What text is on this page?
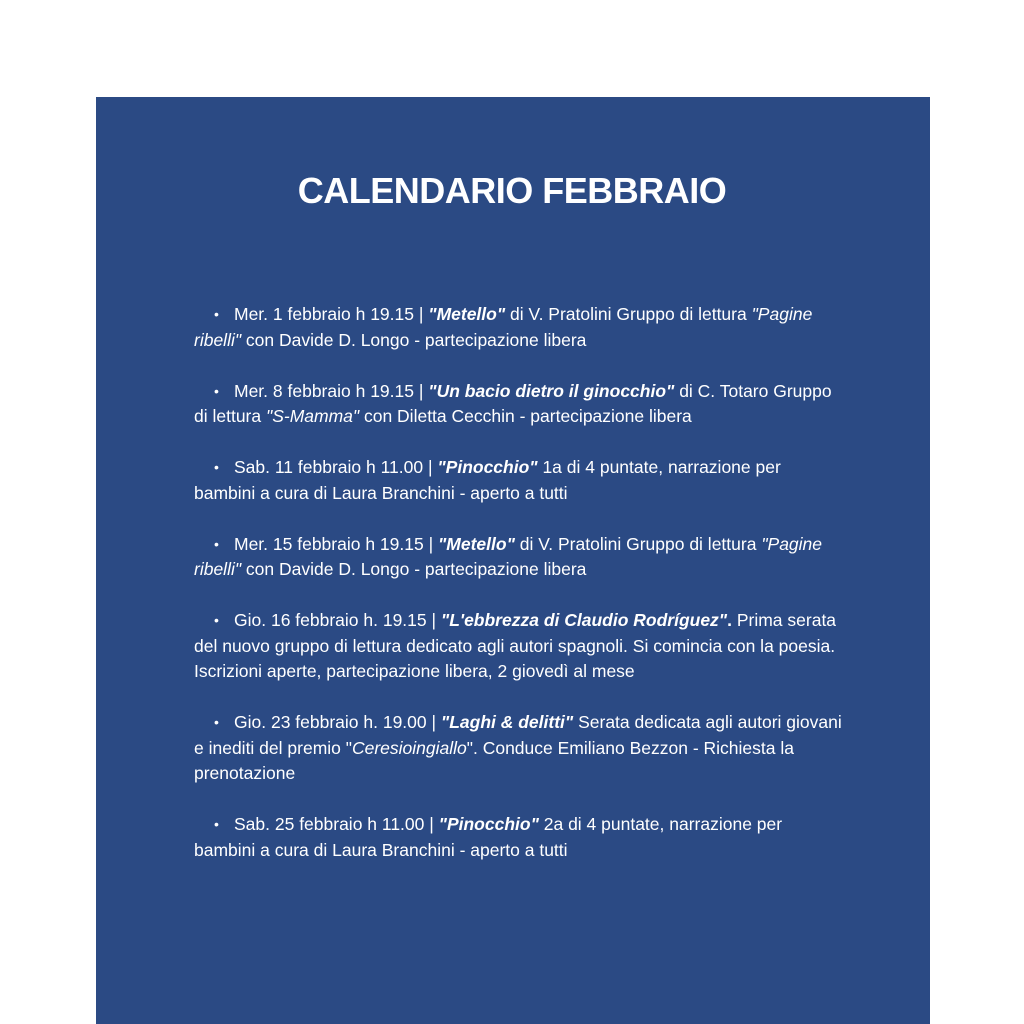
CALENDARIO FEBBRAIO
• Mer. 1 febbraio h 19.15 | "Metello" di V. Pratolini Gruppo di lettura "Pagine ribelli" con Davide D. Longo - partecipazione libera
• Mer. 8 febbraio h 19.15 | "Un bacio dietro il ginocchio" di C. Totaro Gruppo di lettura "S-Mamma" con Diletta Cecchin - partecipazione libera
• Sab. 11 febbraio h 11.00 | "Pinocchio" 1a di 4 puntate, narrazione per bambini a cura di Laura Branchini - aperto a tutti
• Mer. 15 febbraio h 19.15 | "Metello" di V. Pratolini Gruppo di lettura "Pagine ribelli" con Davide D. Longo - partecipazione libera
• Gio. 16 febbraio h. 19.15 | "L'ebbrezza di Claudio Rodríguez". Prima serata del nuovo gruppo di lettura dedicato agli autori spagnoli. Si comincia con la poesia. Iscrizioni aperte, partecipazione libera, 2 giovedì al mese
• Gio. 23 febbraio h. 19.00 | "Laghi & delitti" Serata dedicata agli autori giovani e inediti del premio "Ceresioingiallo". Conduce Emiliano Bezzon - Richiesta la prenotazione
• Sab. 25 febbraio h 11.00 | "Pinocchio" 2a di 4 puntate, narrazione per bambini a cura di Laura Branchini - aperto a tutti
